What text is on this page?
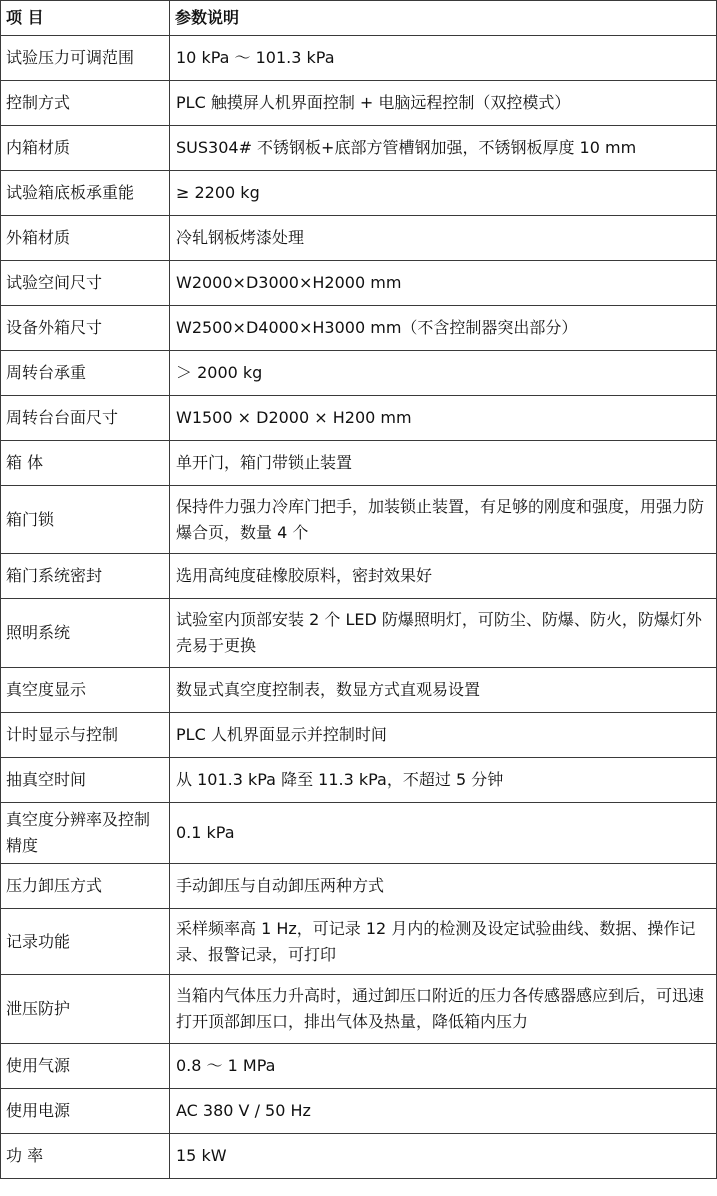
项 目	参数说明
试验压力可调范围	10 kPa ～ 101.3 kPa
控制方式	PLC 触摸屏人机界面控制 + 电脑远程控制（双控模式）
内箱材质	SUS304# 不锈钢板+底部方管槽钢加强，不锈钢板厚度 10 mm
试验箱底板承重能	≥ 2200 kg
外箱材质	冷轧钢板烤漆处理
试验空间尺寸	W2000×D3000×H2000 mm
设备外箱尺寸	W2500×D4000×H3000 mm（不含控制器突出部分）
周转台承重	＞ 2000 kg
周转台台面尺寸	W1500 × D2000 × H200 mm
箱 体	单开门，箱门带锁止装置
箱门锁	保持件力强力冷库门把手，加装锁止装置，有足够的刚度和强度，用强力防爆合页，数量 4 个
箱门系统密封	选用高纯度硅橡胶原料，密封效果好
照明系统	试验室内顶部安装 2 个 LED 防爆照明灯，可防尘、防爆、防火，防爆灯外壳易于更换
真空度显示	数显式真空度控制表，数显方式直观易设置
计时显示与控制	PLC 人机界面显示并控制时间
抽真空时间	从 101.3 kPa 降至 11.3 kPa，不超过 5 分钟
真空度分辨率及控制精度	0.1 kPa
压力卸压方式	手动卸压与自动卸压两种方式
记录功能	采样频率高 1 Hz，可记录 12 月内的检测及设定试验曲线、数据、操作记录、报警记录，可打印
泄压防护	当箱内气体压力升高时，通过卸压口附近的压力各传感器感应到后，可迅速打开顶部卸压口，排出气体及热量，降低箱内压力
使用气源	0.8 ～ 1 MPa
使用电源	AC 380 V / 50 Hz
功 率	15 kW
